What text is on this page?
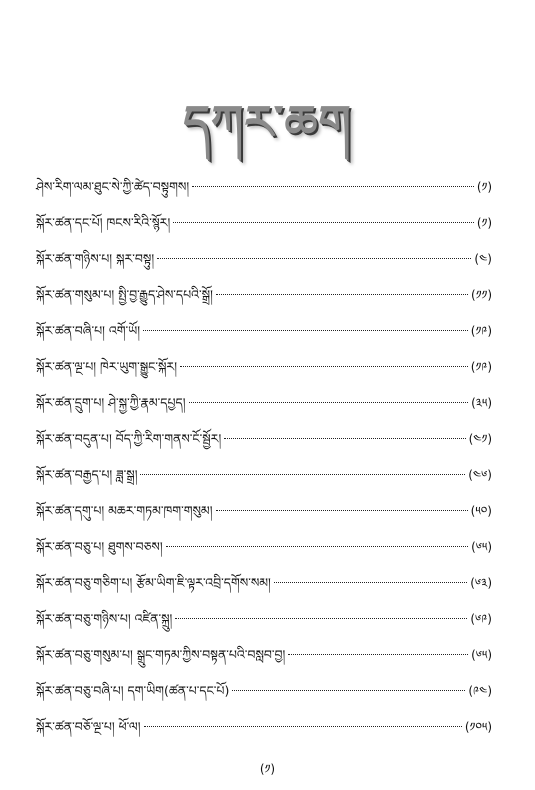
དཀར་ཆག
ཤེས་རིག་ལམ་ཐུང་སེ་ཀྱི་ཚེད་བསྟུགས།	(༡)
སྐོར་ཚན་དང་པོ། ཁངས་རིའི་སྙོར།	(༡)
སྐོར་ཚན་གཉིས་པ། སྐར་བསྟུ།	(༤)
སྐོར་ཚན་གསུམ་པ། སྤྱི་བྱ་རྒྱུད་ཤེས་དཔའི་སྒྲོ།	(༡༡)
སྐོར་ཚན་བཞི་པ། འགོ་ཡོ།	(༡༩)
སྐོར་ཚན་ལྔ་པ། ཁེར་ཡུག་སྒྱུང་སྐོར།	(༡༩)
སྐོར་ཚན་དྲུག་པ། ཤེ་སྐྱ་ཀྱི་རྣམ་དཔྱད།	(༣༥)
སྐོར་ཚན་བདུན་པ། བོད་ཀྱི་རིག་གནས་ངོ་སྦྱོར།	(༤༡)
སྐོར་ཚན་བརྒྱད་པ། ཟླ་སྒྲ།	(༤༦)
སྐོར་ཚན་དགུ་པ། མཆར་གཏམ་ཁག་གསུམ།	(༥༠)
སྐོར་ཚན་བཅུ་པ། ཐུགས་བཅས།	(༦༥)
སྐོར་ཚན་བཅུ་གཅིག་པ། རྩོམ་ཡིག་ཇི་ལྟར་འབྲི་དགོས་སམ།	(༦༣)
སྐོར་ཚན་བཅུ་གཉིས་པ། འཛིན་སྐྲུ།	(༦༩)
སྐོར་ཚན་བཅུ་གསུམ་པ། སྒྲུང་གཏམ་ཀྱིས་བསྟན་པའི་བསླབ་བྱ།	(༦༥)
སྐོར་ཚན་བཅུ་བཞི་པ། དག་ཡིག(ཚན་པ་དང་པོ)	(༩༤)
སྐོར་ཚན་བཅོ་ལྔ་པ། ཕོ་ལ།	(༡༠༥)
(༡)
